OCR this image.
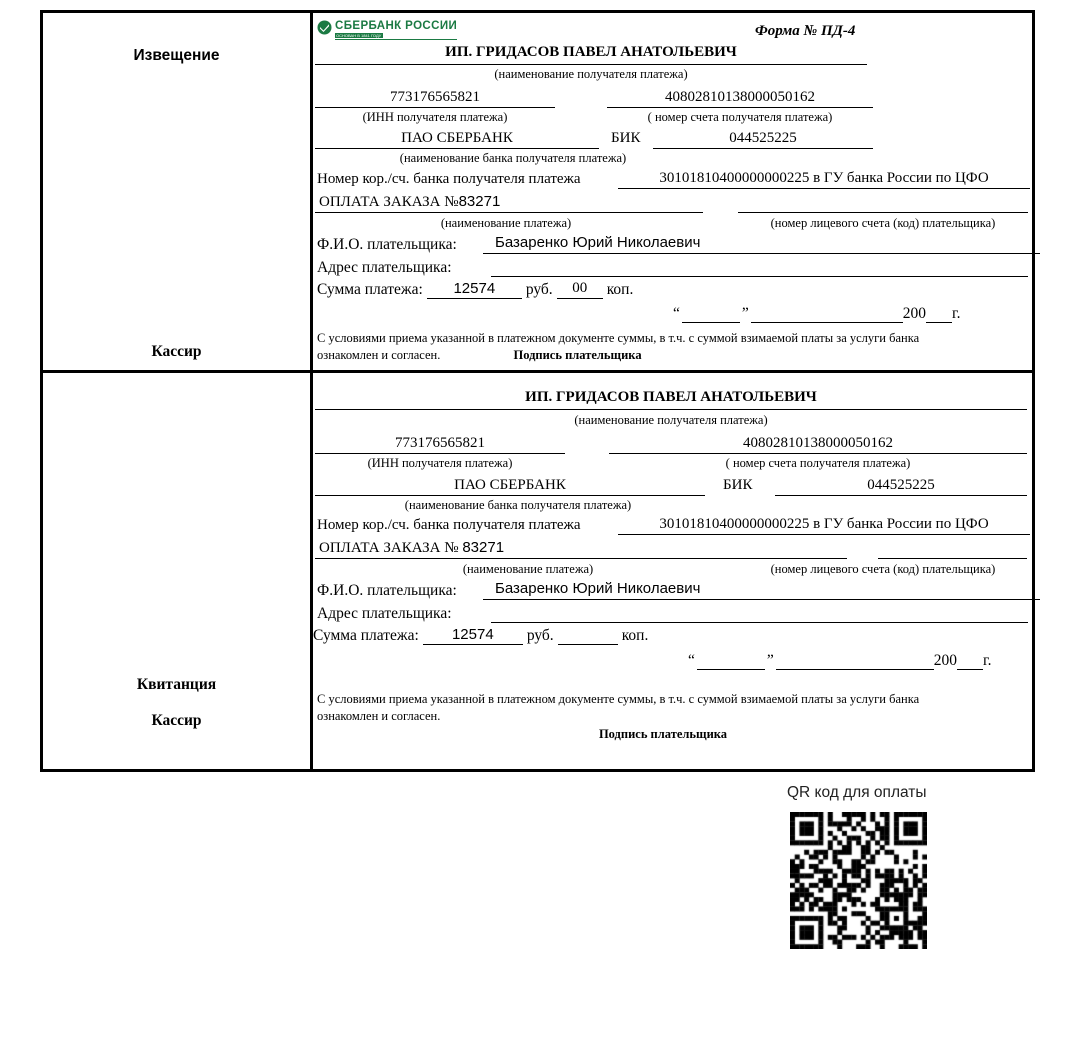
Извещение
Кассир
СБЕРБАНК РОССИИ
ОСНОВАН В 1841 ГОДУ	Форма № ПД-4
ИП. ГРИДАСОВ ПАВЕЛ АНАТОЛЬЕВИЧ
(наименование получателя платежа)
773176565821	40802810138000050162
(ИНН получателя платежа)	( номер счета получателя платежа)
ПАО СБЕРБАНК	БИК	044525225
(наименование банка получателя платежа)
Номер кор./сч. банка получателя платежа	30101810400000000225 в ГУ банка России по ЦФО
ОПЛАТА ЗАКАЗА №83271
(наименование платежа)	(номер лицевого счета (код) плательщика)
Ф.И.О. плательщика:	Базаренко Юрий Николаевич
Адрес плательщика:
Сумма платежа:	12574	руб.	00	коп.
“	”	200 г.
С условиями приема указанной в платежном документе суммы, в т.ч. с суммой взимаемой платы за услуги банка ознакомлен и согласен.	Подпись плательщика
Квитанция
Кассир
ИП. ГРИДАСОВ ПАВЕЛ АНАТОЛЬЕВИЧ
(наименование получателя платежа)
773176565821	40802810138000050162
(ИНН получателя платежа)	( номер счета получателя платежа)
ПАО СБЕРБАНК	БИК	044525225
(наименование банка получателя платежа)
Номер кор./сч. банка получателя платежа	30101810400000000225 в ГУ банка России по ЦФО
ОПЛАТА ЗАКАЗА № 83271
(наименование платежа)	(номер лицевого счета (код) плательщика)
Ф.И.О. плательщика:	Базаренко Юрий Николаевич
Адрес плательщика:
Сумма платежа:	12574	руб.	коп.
“	”	200 г.
С условиями приема указанной в платежном документе суммы, в т.ч. с суммой взимаемой платы за услуги банка ознакомлен и согласен.
Подпись плательщика
QR код для оплаты
